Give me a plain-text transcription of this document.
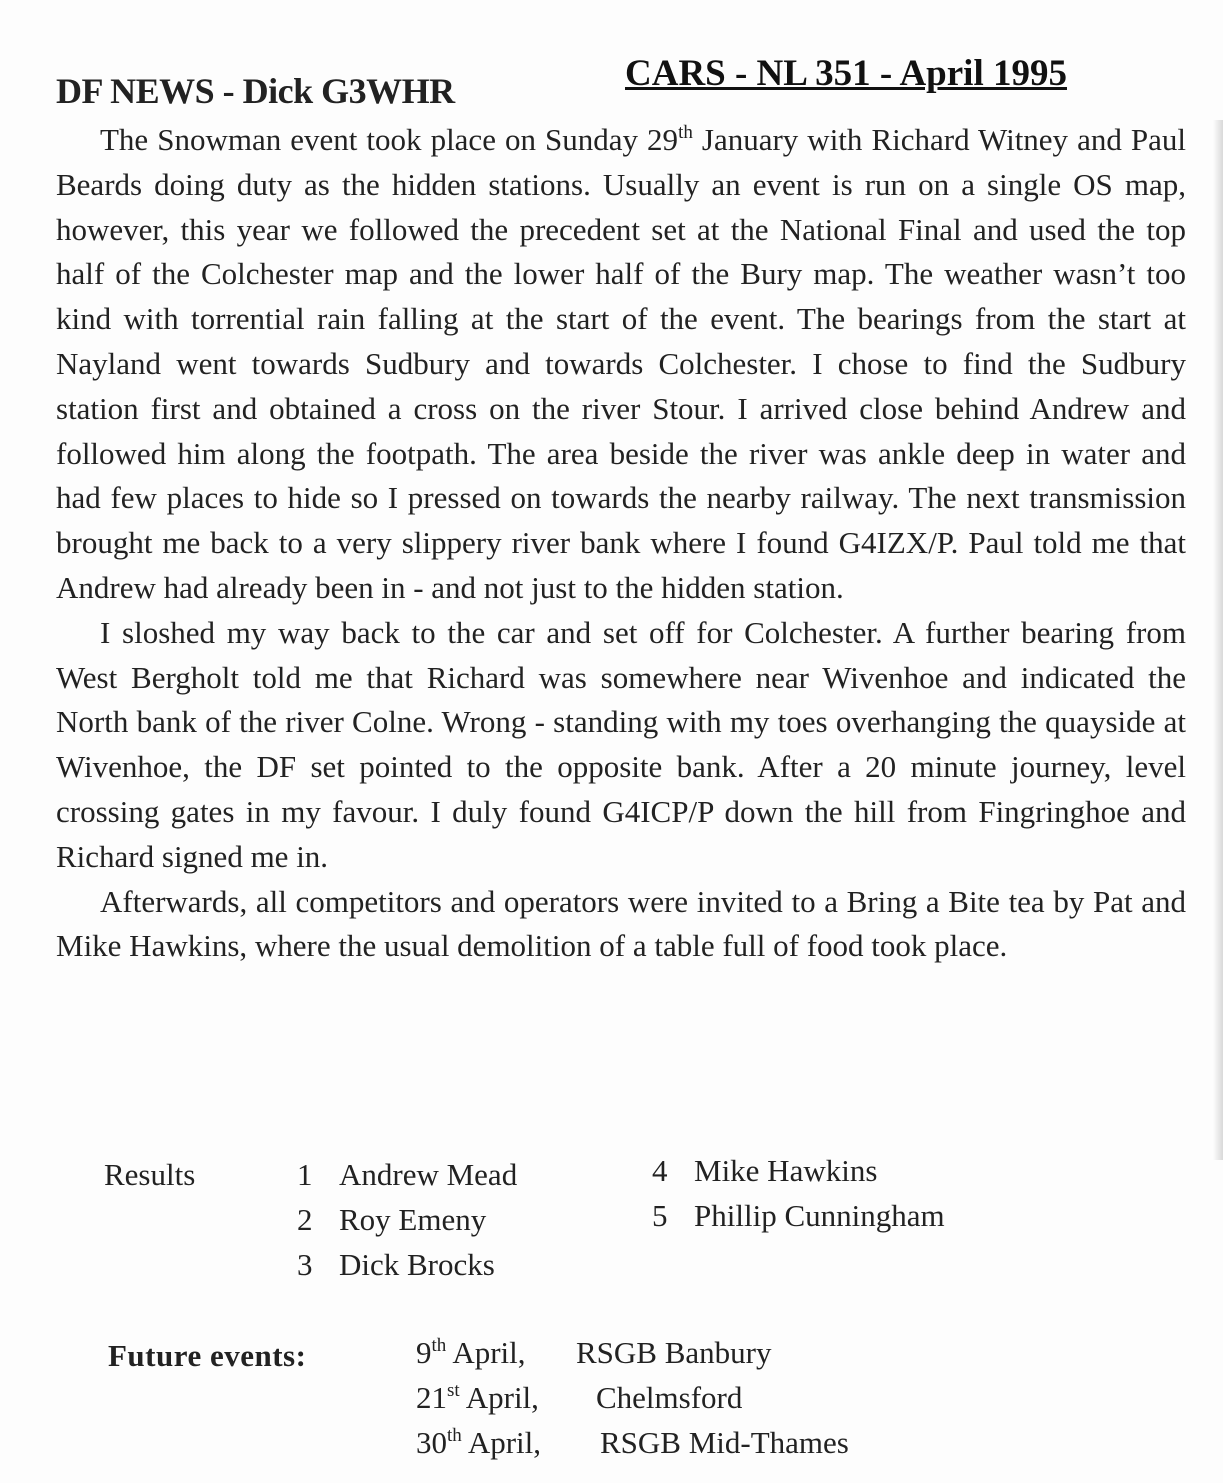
CARS - NL 351 - April 1995
DF NEWS - Dick G3WHR

The Snowman event took place on Sunday 29th January with Richard Witney and Paul Beards doing duty as the hidden stations. Usually an event is run on a single OS map, however, this year we followed the precedent set at the National Final and used the top half of the Colchester map and the lower half of the Bury map. The weather wasn’t too kind with torrential rain falling at the start of the event. The bearings from the start at Nayland went towards Sudbury and towards Colchester. I chose to find the Sudbury station first and obtained a cross on the river Stour. I arrived close behind Andrew and followed him along the footpath. The area beside the river was ankle deep in water and had few places to hide so I pressed on towards the nearby railway. The next transmission brought me back to a very slippery river bank where I found G4IZX/P. Paul told me that Andrew had already been in - and not just to the hidden station.

I sloshed my way back to the car and set off for Colchester. A further bearing from West Bergholt told me that Richard was somewhere near Wivenhoe and indicated the North bank of the river Colne. Wrong - standing with my toes overhanging the quayside at Wivenhoe, the DF set pointed to the opposite bank. After a 20 minute journey, level crossing gates in my favour. I duly found G4ICP/P down the hill from Fingringhoe and Richard signed me in.

Afterwards, all competitors and operators were invited to a Bring a Bite tea by Pat and Mike Hawkins, where the usual demolition of a table full of food took place.

Results	1 Andrew Mead
2 Roy Emeny
3 Dick Brocks
4 Mike Hawkins
5 Phillip Cunningham
Future events:	9th April, RSGB Banbury
21st April, Chelmsford
30th April, RSGB Mid-Thames
